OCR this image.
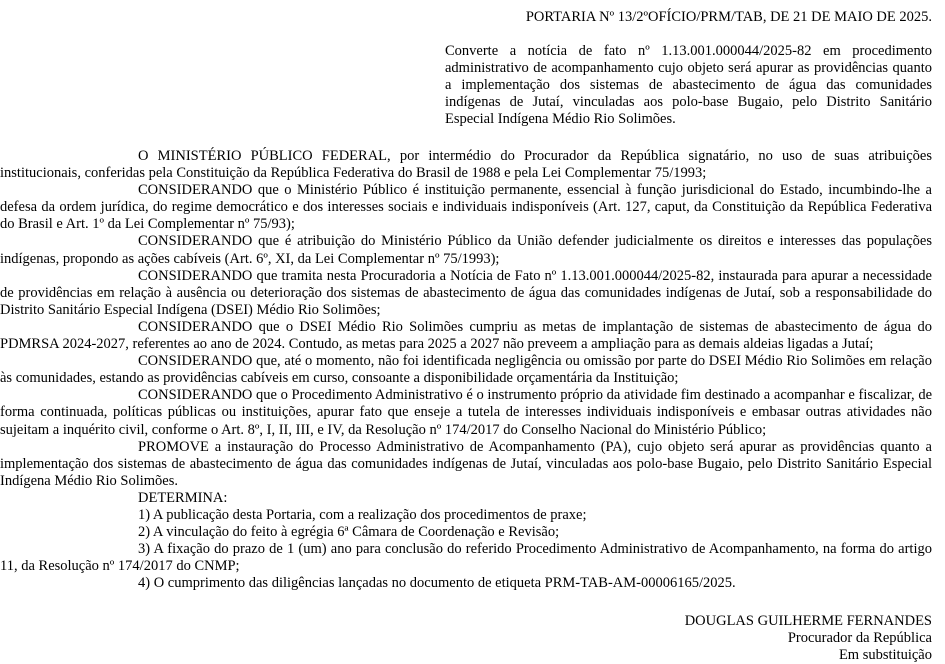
PORTARIA Nº 13/2ºOFÍCIO/PRM/TAB, DE 21 DE MAIO DE 2025.

Converte a notícia de fato nº 1.13.001.000044/2025-82 em procedimento administrativo de acompanhamento cujo objeto será apurar as providências quanto a implementação dos sistemas de abastecimento de água das comunidades indígenas de Jutaí, vinculadas aos polo-base Bugaio, pelo Distrito Sanitário Especial Indígena Médio Rio Solimões.

O MINISTÉRIO PÚBLICO FEDERAL, por intermédio do Procurador da República signatário, no uso de suas atribuições institucionais, conferidas pela Constituição da República Federativa do Brasil de 1988 e pela Lei Complementar 75/1993;

CONSIDERANDO que o Ministério Público é instituição permanente, essencial à função jurisdicional do Estado, incumbindo-lhe a defesa da ordem jurídica, do regime democrático e dos interesses sociais e individuais indisponíveis (Art. 127, caput, da Constituição da República Federativa do Brasil e Art. 1º da Lei Complementar nº 75/93);

CONSIDERANDO que é atribuição do Ministério Público da União defender judicialmente os direitos e interesses das populações indígenas, propondo as ações cabíveis (Art. 6º, XI, da Lei Complementar nº 75/1993);

CONSIDERANDO que tramita nesta Procuradoria a Notícia de Fato nº 1.13.001.000044/2025-82, instaurada para apurar a necessidade de providências em relação à ausência ou deterioração dos sistemas de abastecimento de água das comunidades indígenas de Jutaí, sob a responsabilidade do Distrito Sanitário Especial Indígena (DSEI) Médio Rio Solimões;

CONSIDERANDO que o DSEI Médio Rio Solimões cumpriu as metas de implantação de sistemas de abastecimento de água do PDMRSA 2024-2027, referentes ao ano de 2024. Contudo, as metas para 2025 a 2027 não preveem a ampliação para as demais aldeias ligadas a Jutaí;

CONSIDERANDO que, até o momento, não foi identificada negligência ou omissão por parte do DSEI Médio Rio Solimões em relação às comunidades, estando as providências cabíveis em curso, consoante a disponibilidade orçamentária da Instituição;

CONSIDERANDO que o Procedimento Administrativo é o instrumento próprio da atividade fim destinado a acompanhar e fiscalizar, de forma continuada, políticas públicas ou instituições, apurar fato que enseje a tutela de interesses individuais indisponíveis e embasar outras atividades não sujeitam a inquérito civil, conforme o Art. 8º, I, II, III, e IV, da Resolução nº 174/2017 do Conselho Nacional do Ministério Público;

PROMOVE a instauração do Processo Administrativo de Acompanhamento (PA), cujo objeto será apurar as providências quanto a implementação dos sistemas de abastecimento de água das comunidades indígenas de Jutaí, vinculadas aos polo-base Bugaio, pelo Distrito Sanitário Especial Indígena Médio Rio Solimões.

DETERMINA:

1) A publicação desta Portaria, com a realização dos procedimentos de praxe;

2) A vinculação do feito à egrégia 6ª Câmara de Coordenação e Revisão;

3) A fixação do prazo de 1 (um) ano para conclusão do referido Procedimento Administrativo de Acompanhamento, na forma do artigo 11, da Resolução nº 174/2017 do CNMP;

4) O cumprimento das diligências lançadas no documento de etiqueta PRM-TAB-AM-00006165/2025.

DOUGLAS GUILHERME FERNANDES
Procurador da República
Em substituição
